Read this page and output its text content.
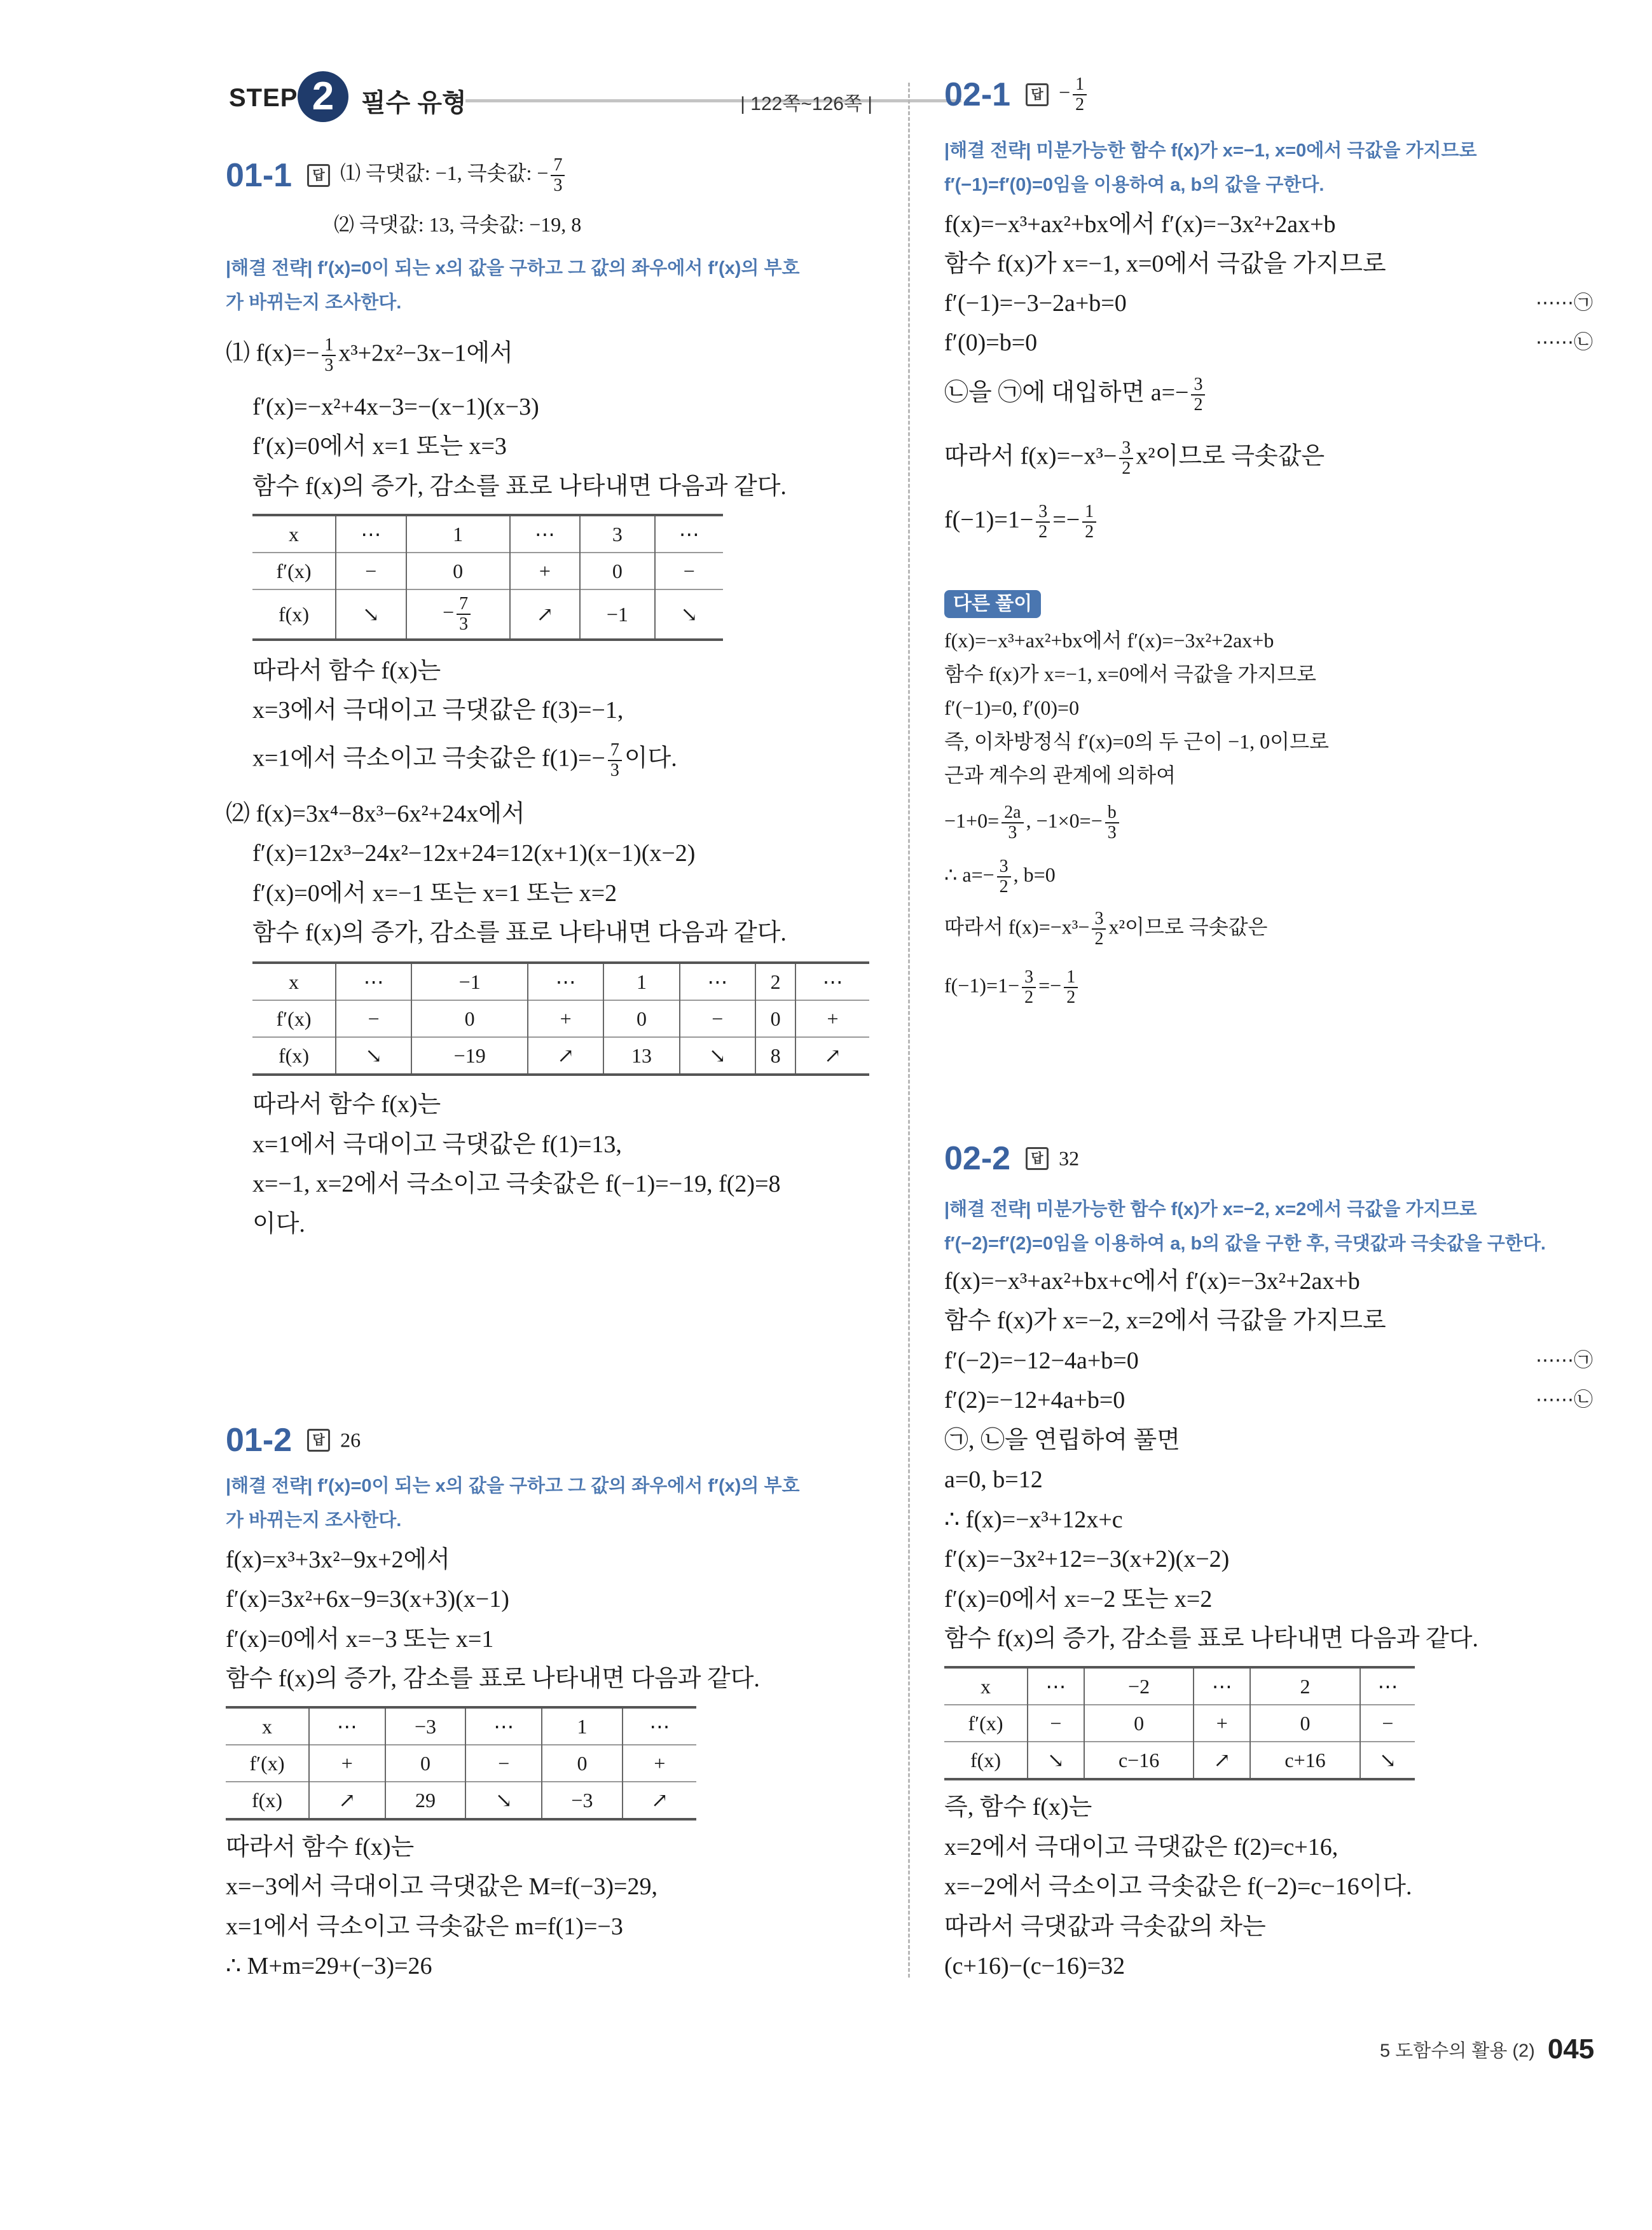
STEP 2	필수 유형	| 122쪽~126쪽 |
01-1 답 ⑴ 극댓값: −1, 극솟값: − $\frac{7}{3}$
⑵ 극댓값: 13, 극솟값: −19, 8
|해결 전략| f′(x)=0이 되는 x의 값을 구하고 그 값의 좌우에서 f′(x)의 부호
가 바뀌는지 조사한다.
⑴ $f(x)=- \frac{1}{3} x^3+2x^2-3x-1$에서
f′(x)=−x²+4x−3=−(x−1)(x−3)
f′(x)=0에서 x=1 또는 x=3
함수 f(x)의 증가, 감소를 표로 나타내면 다음과 같다.
x	⋯	1	⋯	3	⋯
f′(x)	−	0	+	0	−
f(x)	↘	− $\frac{7}{3}$	↗	−1	↘
따라서 함수 f(x)는
x=3에서 극대이고 극댓값은 f(3)=−1,
x=1에서 극소이고 극솟값은 $f(1)=- \frac{7}{3}$ 이다.
⑵ f(x)=3x⁴−8x³−6x²+24x에서
f′(x)=12x³−24x²−12x+24=12(x+1)(x−1)(x−2)
f′(x)=0에서 x=−1 또는 x=1 또는 x=2
함수 f(x)의 증가, 감소를 표로 나타내면 다음과 같다.
x	⋯	−1	⋯	1	⋯	2	⋯
f′(x)	−	0	+	0	−	0	+
f(x)	↘	−19	↗	13	↘	8	↗
따라서 함수 f(x)는
x=1에서 극대이고 극댓값은 f(1)=13,
x=−1, x=2에서 극소이고 극솟값은 f(−1)=−19, f(2)=8
이다.
01-2 답 26
|해결 전략| f′(x)=0이 되는 x의 값을 구하고 그 값의 좌우에서 f′(x)의 부호
가 바뀌는지 조사한다.
f(x)=x³+3x²−9x+2에서
f′(x)=3x²+6x−9=3(x+3)(x−1)
f′(x)=0에서 x=−3 또는 x=1
함수 f(x)의 증가, 감소를 표로 나타내면 다음과 같다.
x	⋯	−3	⋯	1	⋯
f′(x)	+	0	−	0	+
f(x)	↗	29	↘	−3	↗
따라서 함수 f(x)는
x=−3에서 극대이고 극댓값은 M=f(−3)=29,
x=1에서 극소이고 극솟값은 m=f(1)=−3
∴ M+m=29+(−3)=26
02-1 답 − $\frac{1}{2}$
|해결 전략| 미분가능한 함수 f(x)가 x=−1, x=0에서 극값을 가지므로
f′(−1)=f′(0)=0임을 이용하여 a, b의 값을 구한다.
f(x)=−x³+ax²+bx에서 f′(x)=−3x²+2ax+b
함수 f(x)가 x=−1, x=0에서 극값을 가지므로
f′(−1)=−3−2a+b=0	⋯⋯㉠
f′(0)=b=0	⋯⋯㉡
㉡을 ㉠에 대입하면 $a=- \frac{3}{2}$
따라서 $f(x)=-x^3- \frac{3}{2} x^2$이므로 극솟값은
$f(-1)=1- \frac{3}{2} =- \frac{1}{2}$
다른 풀이
f(x)=−x³+ax²+bx에서 f′(x)=−3x²+2ax+b
함수 f(x)가 x=−1, x=0에서 극값을 가지므로
f′(−1)=0, f′(0)=0
즉, 이차방정식 f′(x)=0의 두 근이 −1, 0이므로
근과 계수의 관계에 의하여
$-1+0= \frac{2a}{3}$ , $-1\times 0=- \frac{b}{3}$
∴ $a=- \frac{3}{2}$ , b=0
따라서 $f(x)=-x^3- \frac{3}{2} x^2$이므로 극솟값은
$f(-1)=1- \frac{3}{2} =- \frac{1}{2}$
02-2 답 32
|해결 전략| 미분가능한 함수 f(x)가 x=−2, x=2에서 극값을 가지므로
f′(−2)=f′(2)=0임을 이용하여 a, b의 값을 구한 후, 극댓값과 극솟값을 구한다.
f(x)=−x³+ax²+bx+c에서 f′(x)=−3x²+2ax+b
함수 f(x)가 x=−2, x=2에서 극값을 가지므로
f′(−2)=−12−4a+b=0	⋯⋯㉠
f′(2)=−12+4a+b=0	⋯⋯㉡
㉠, ㉡을 연립하여 풀면
a=0, b=12
∴ f(x)=−x³+12x+c
f′(x)=−3x²+12=−3(x+2)(x−2)
f′(x)=0에서 x=−2 또는 x=2
함수 f(x)의 증가, 감소를 표로 나타내면 다음과 같다.
x	⋯	−2	⋯	2	⋯
f′(x)	−	0	+	0	−
f(x)	↘	c−16	↗	c+16	↘
즉, 함수 f(x)는
x=2에서 극대이고 극댓값은 f(2)=c+16,
x=−2에서 극소이고 극솟값은 f(−2)=c−16이다.
따라서 극댓값과 극솟값의 차는
(c+16)−(c−16)=32
5 도함수의 활용 (2) 045
